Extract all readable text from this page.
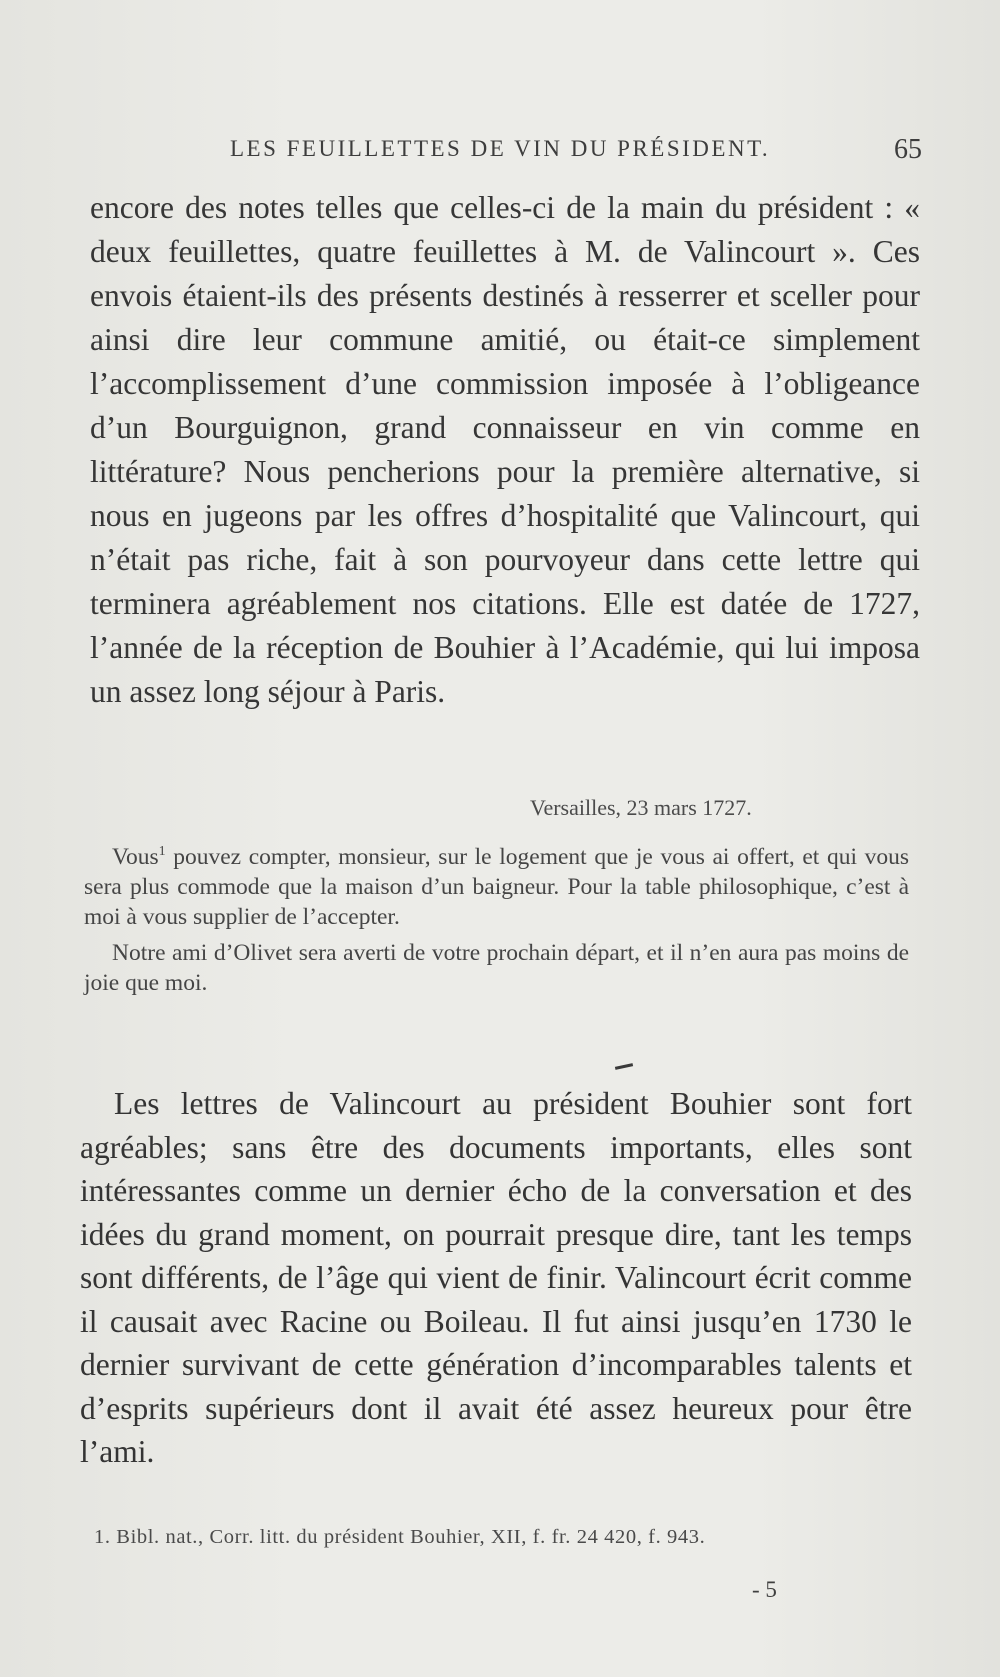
LES FEUILLETTES DE VIN DU PRÉSIDENT.	65

encore des notes telles que celles-ci de la main du président : « deux feuillettes, quatre feuillettes à M. de Valincourt ». Ces envois étaient-ils des présents destinés à resserrer et sceller pour ainsi dire leur commune amitié, ou était-ce simplement l’accomplissement d’une commission imposée à l’obligeance d’un Bourguignon, grand connaisseur en vin comme en littérature? Nous pencherions pour la première alternative, si nous en jugeons par les offres d’hospitalité que Valincourt, qui n’était pas riche, fait à son pourvoyeur dans cette lettre qui terminera agréablement nos citations. Elle est datée de 1727, l’année de la réception de Bouhier à l’Académie, qui lui imposa un assez long séjour à Paris.

Versailles, 23 mars 1727.

Vous$^1$ pouvez compter, monsieur, sur le logement que je vous ai offert, et qui vous sera plus commode que la maison d’un baigneur. Pour la table philosophique, c’est à moi à vous supplier de l’accepter.

Notre ami d’Olivet sera averti de votre prochain départ, et il n’en aura pas moins de joie que moi.

Les lettres de Valincourt au président Bouhier sont fort agréables; sans être des documents importants, elles sont intéressantes comme un dernier écho de la conversation et des idées du grand moment, on pourrait presque dire, tant les temps sont différents, de l’âge qui vient de finir. Valincourt écrit comme il causait avec Racine ou Boileau. Il fut ainsi jusqu’en 1730 le dernier survivant de cette génération d’incomparables talents et d’esprits supérieurs dont il avait été assez heureux pour être l’ami.

1. Bibl. nat., Corr. litt. du président Bouhier, XII, f. fr. 24 420, f. 943.
- 5
